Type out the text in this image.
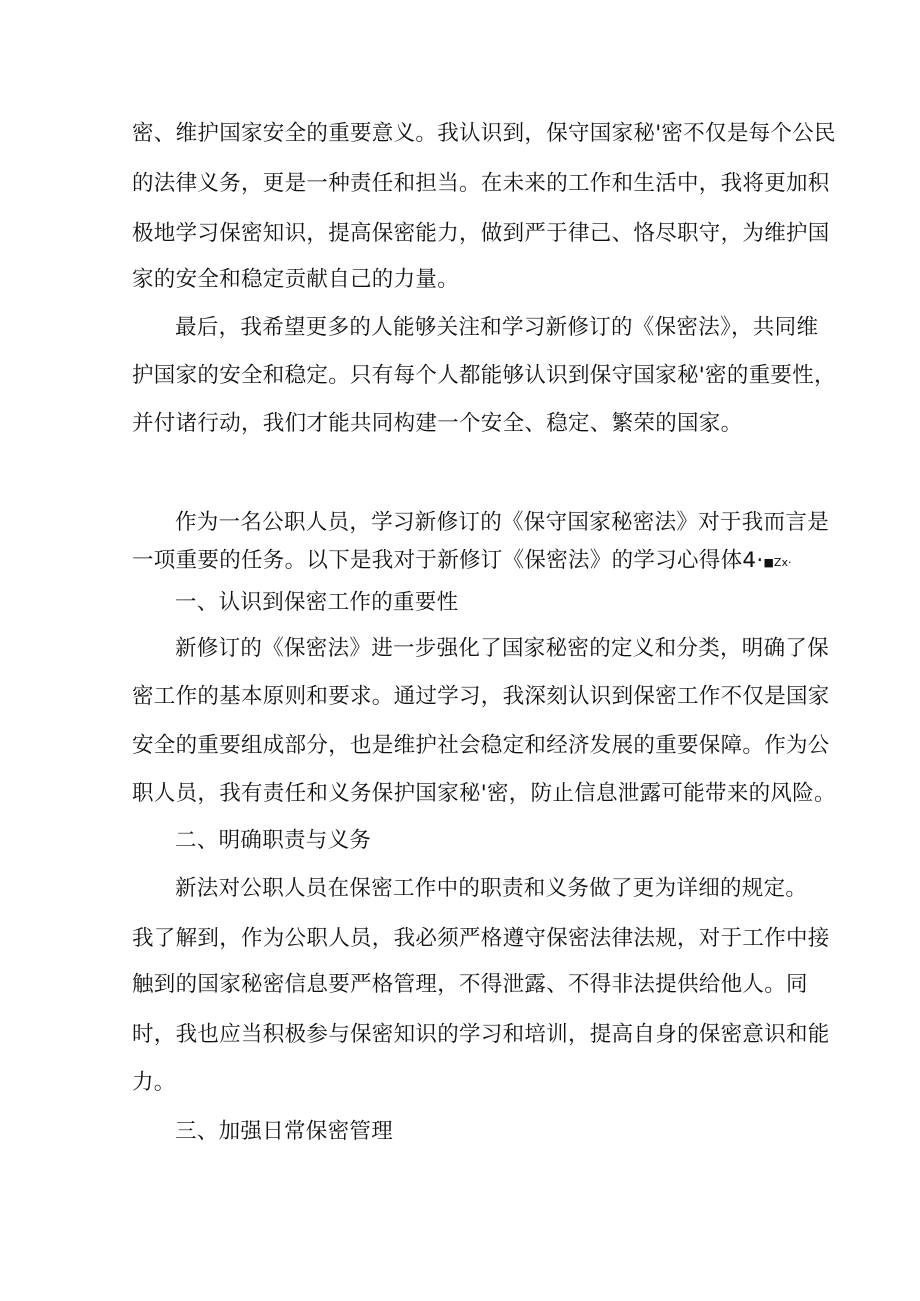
密、维护国家安全的重要意义。我认识到，保守国家秘'密不仅是每个公民
的法律义务，更是一种责任和担当。在未来的工作和生活中，我将更加积
极地学习保密知识，提高保密能力，做到严于律己、恪尽职守，为维护国
家的安全和稳定贡献自己的力量。
最后，我希望更多的人能够关注和学习新修订的《保密法》，共同维
护国家的安全和稳定。只有每个人都能够认识到保守国家秘'密的重要性，
并付诸行动，我们才能共同构建一个安全、稳定、繁荣的国家。
作为一名公职人员，学习新修订的《保守国家秘密法》对于我而言是
一项重要的任务。以下是我对于新修订《保密法》的学习心得体4·■Zx·
一、认识到保密工作的重要性
新修订的《保密法》进一步强化了国家秘密的定义和分类，明确了保
密工作的基本原则和要求。通过学习，我深刻认识到保密工作不仅是国家
安全的重要组成部分，也是维护社会稳定和经济发展的重要保障。作为公
职人员，我有责任和义务保护国家秘'密，防止信息泄露可能带来的风险。
二、明确职责与义务
新法对公职人员在保密工作中的职责和义务做了更为详细的规定。
我了解到，作为公职人员，我必须严格遵守保密法律法规，对于工作中接
触到的国家秘密信息要严格管理，不得泄露、不得非法提供给他人。同
时，我也应当积极参与保密知识的学习和培训，提高自身的保密意识和能
力。
三、加强日常保密管理
